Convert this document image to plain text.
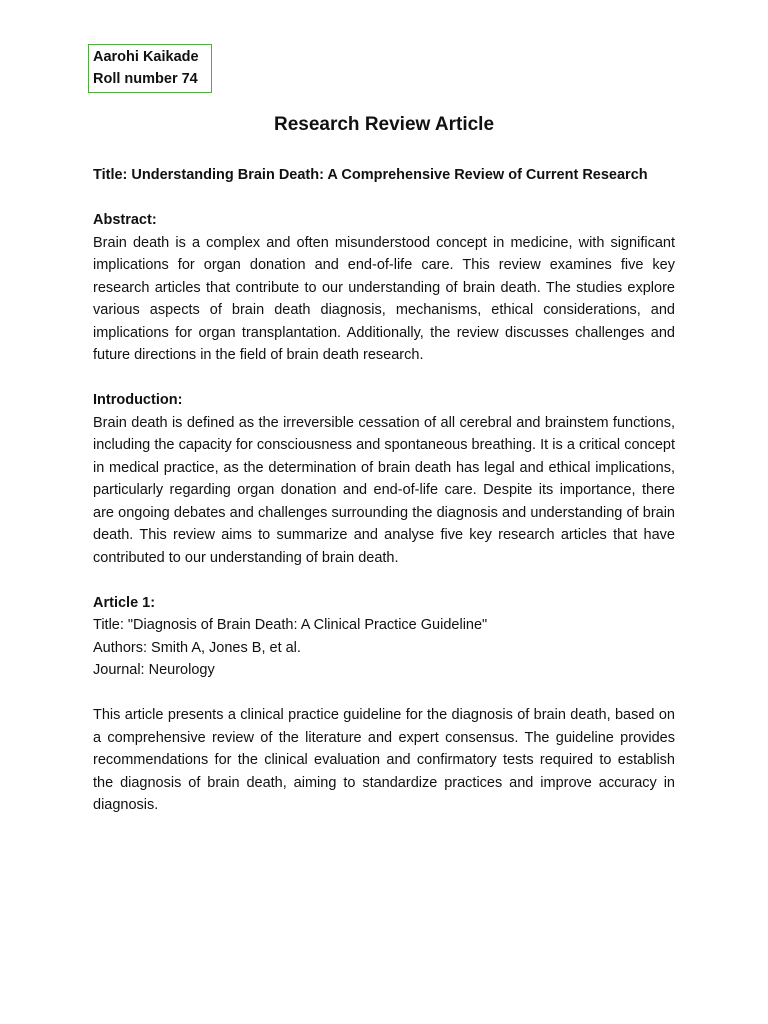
Aarohi Kaikade
Roll number 74
Research Review Article

Title: Understanding Brain Death: A Comprehensive Review of Current Research

Abstract:

Brain death is a complex and often misunderstood concept in medicine, with significant implications for organ donation and end-of-life care. This review examines five key research articles that contribute to our understanding of brain death. The studies explore various aspects of brain death diagnosis, mechanisms, ethical considerations, and implications for organ transplantation. Additionally, the review discusses challenges and future directions in the field of brain death research.

Introduction:

Brain death is defined as the irreversible cessation of all cerebral and brainstem functions, including the capacity for consciousness and spontaneous breathing. It is a critical concept in medical practice, as the determination of brain death has legal and ethical implications, particularly regarding organ donation and end-of-life care. Despite its importance, there are ongoing debates and challenges surrounding the diagnosis and understanding of brain death. This review aims to summarize and analyse five key research articles that have contributed to our understanding of brain death.

Article 1:

Title: "Diagnosis of Brain Death: A Clinical Practice Guideline"

Authors: Smith A, Jones B, et al.

Journal: Neurology

This article presents a clinical practice guideline for the diagnosis of brain death, based on a comprehensive review of the literature and expert consensus. The guideline provides recommendations for the clinical evaluation and confirmatory tests required to establish the diagnosis of brain death, aiming to standardize practices and improve accuracy in diagnosis.
